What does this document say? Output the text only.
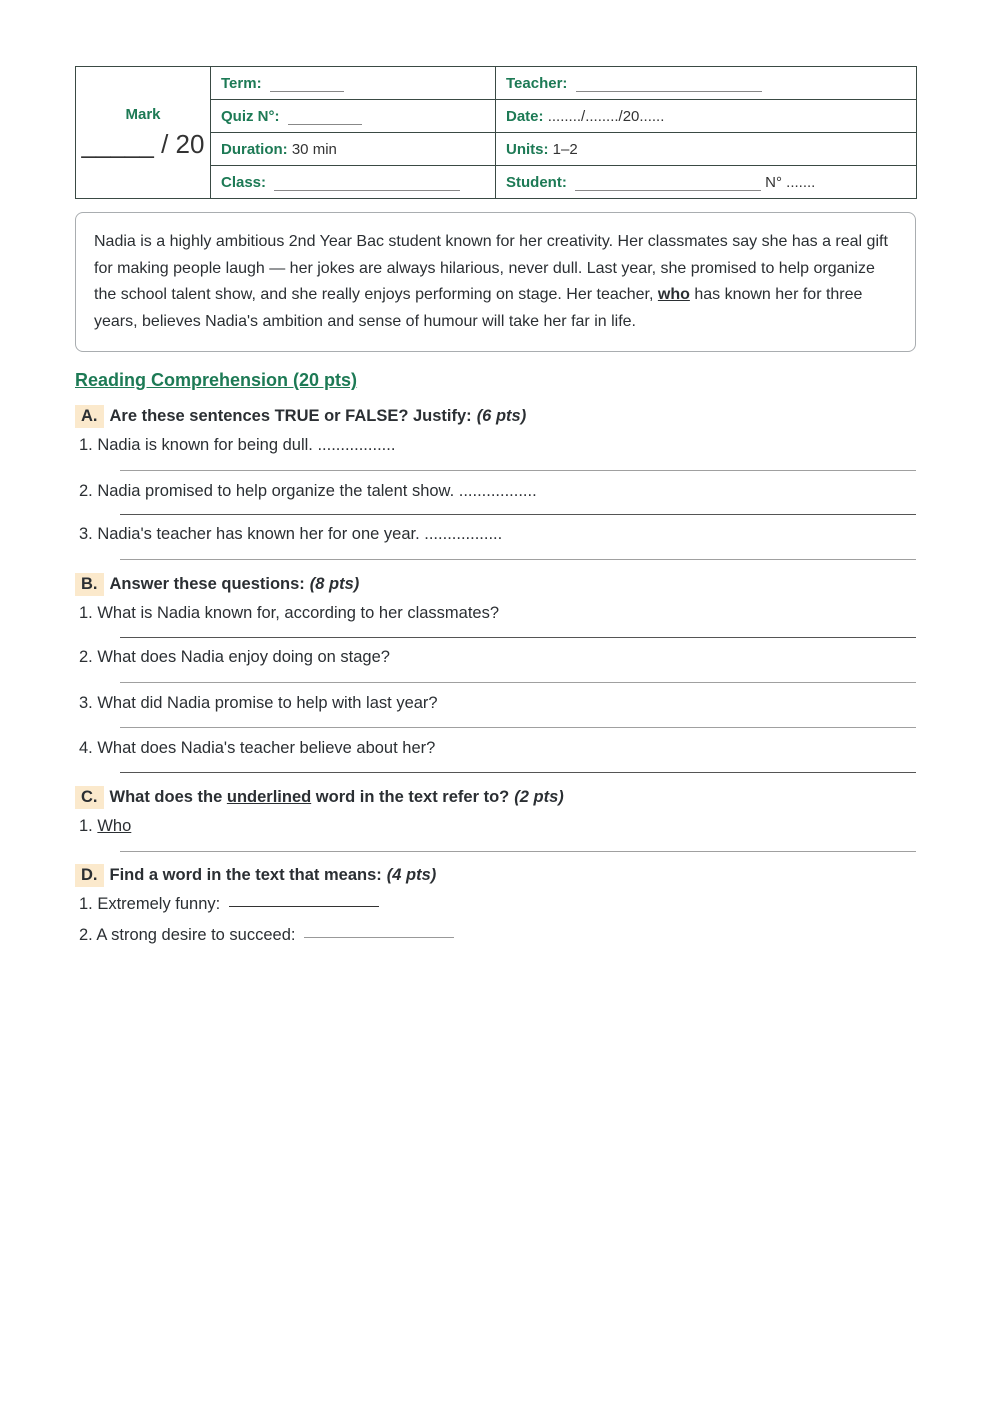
Mark
_____ / 20	Term:	Teacher:
	Quiz N°:	Date: ......../......../20......
	Duration: 30 min	Units: 1–2
	Class:	Student: N° .......
Nadia is a highly ambitious 2nd Year Bac student known for her creativity. Her classmates say she has a real gift for making people laugh — her jokes are always hilarious, never dull. Last year, she promised to help organize the school talent show, and she really enjoys performing on stage. Her teacher, who has known her for three years, believes Nadia's ambition and sense of humour will take her far in life.
Reading Comprehension (20 pts)
A. Are these sentences TRUE or FALSE? Justify: (6 pts)
1. Nadia is known for being dull. .................
2. Nadia promised to help organize the talent show. .................
3. Nadia's teacher has known her for one year. .................
B. Answer these questions: (8 pts)
1. What is Nadia known for, according to her classmates?
2. What does Nadia enjoy doing on stage?
3. What did Nadia promise to help with last year?
4. What does Nadia's teacher believe about her?
C. What does the
underlined
word in the text refer to? (2 pts)
1. Who
D. Find a word in the text that means: (4 pts)
1. Extremely funny:
2. A strong desire to succeed:
